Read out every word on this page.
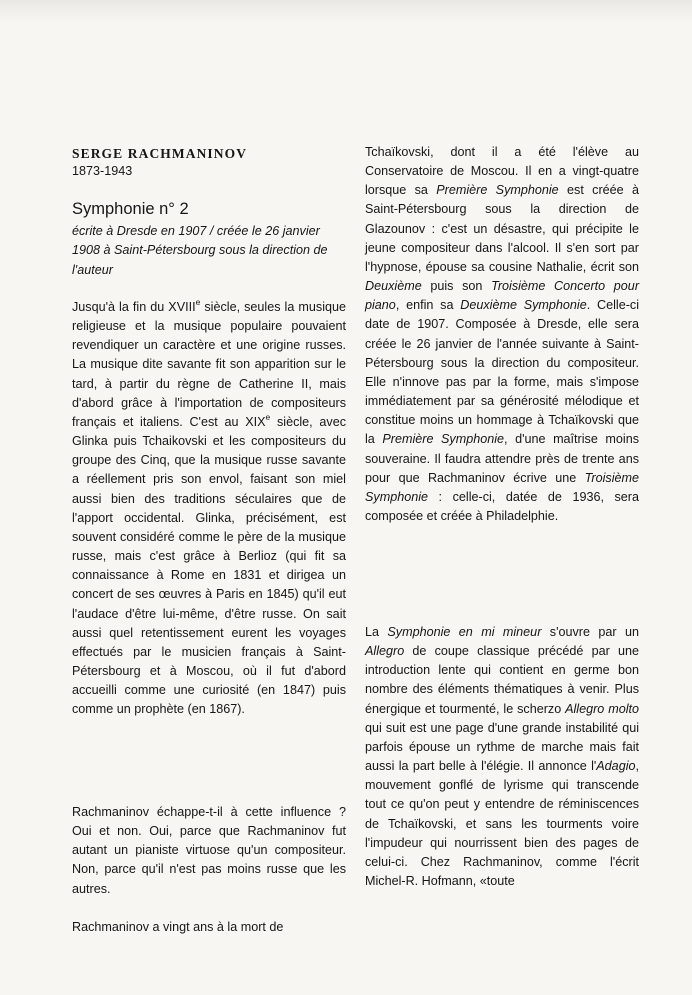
SERGE RACHMANINOV
1873-1943
Symphonie n° 2
écrite à Dresde en 1907 / créée le 26 janvier 1908 à Saint-Pétersbourg sous la direction de l'auteur

Jusqu'à la fin du XVIIIe siècle, seules la musique religieuse et la musique populaire pouvaient revendiquer un caractère et une origine russes. La musique dite savante fit son apparition sur le tard, à partir du règne de Catherine II, mais d'abord grâce à l'importation de compositeurs français et italiens. C'est au XIXe siècle, avec Glinka puis Tchaikovski et les compositeurs du groupe des Cinq, que la musique russe savante a réellement pris son envol, faisant son miel aussi bien des traditions séculaires que de l'apport occidental. Glinka, précisément, est souvent considéré comme le père de la musique russe, mais c'est grâce à Berlioz (qui fit sa connaissance à Rome en 1831 et dirigea un concert de ses œuvres à Paris en 1845) qu'il eut l'audace d'être lui-même, d'être russe. On sait aussi quel retentissement eurent les voyages effectués par le musicien français à Saint-Pétersbourg et à Moscou, où il fut d'abord accueilli comme une curiosité (en 1847) puis comme un prophète (en 1867).

Rachmaninov échappe-t-il à cette influence ? Oui et non. Oui, parce que Rachmaninov fut autant un pianiste virtuose qu'un compositeur. Non, parce qu'il n'est pas moins russe que les autres.

Rachmaninov a vingt ans à la mort de

Tchaïkovski, dont il a été l'élève au Conservatoire de Moscou. Il en a vingt-quatre lorsque sa Première Symphonie est créée à Saint-Pétersbourg sous la direction de Glazounov : c'est un désastre, qui précipite le jeune compositeur dans l'alcool. Il s'en sort par l'hypnose, épouse sa cousine Nathalie, écrit son Deuxième puis son Troisième Concerto pour piano, enfin sa Deuxième Symphonie. Celle-ci date de 1907. Composée à Dresde, elle sera créée le 26 janvier de l'année suivante à Saint-Pétersbourg sous la direction du compositeur. Elle n'innove pas par la forme, mais s'impose immédiatement par sa générosité mélodique et constitue moins un hommage à Tchaïkovski que la Première Symphonie, d'une maîtrise moins souveraine. Il faudra attendre près de trente ans pour que Rachmaninov écrive une Troisième Symphonie : celle-ci, datée de 1936, sera composée et créée à Philadelphie.

La Symphonie en mi mineur s'ouvre par un Allegro de coupe classique précédé par une introduction lente qui contient en germe bon nombre des éléments thématiques à venir. Plus énergique et tourmenté, le scherzo Allegro molto qui suit est une page d'une grande instabilité qui parfois épouse un rythme de marche mais fait aussi la part belle à l'élégie. Il annonce l'Adagio, mouvement gonflé de lyrisme qui transcende tout ce qu'on peut y entendre de réminiscences de Tchaïkovski, et sans les tourments voire l'impudeur qui nourrissent bien des pages de celui-ci. Chez Rachmaninov, comme l'écrit Michel-R. Hofmann, «toute
